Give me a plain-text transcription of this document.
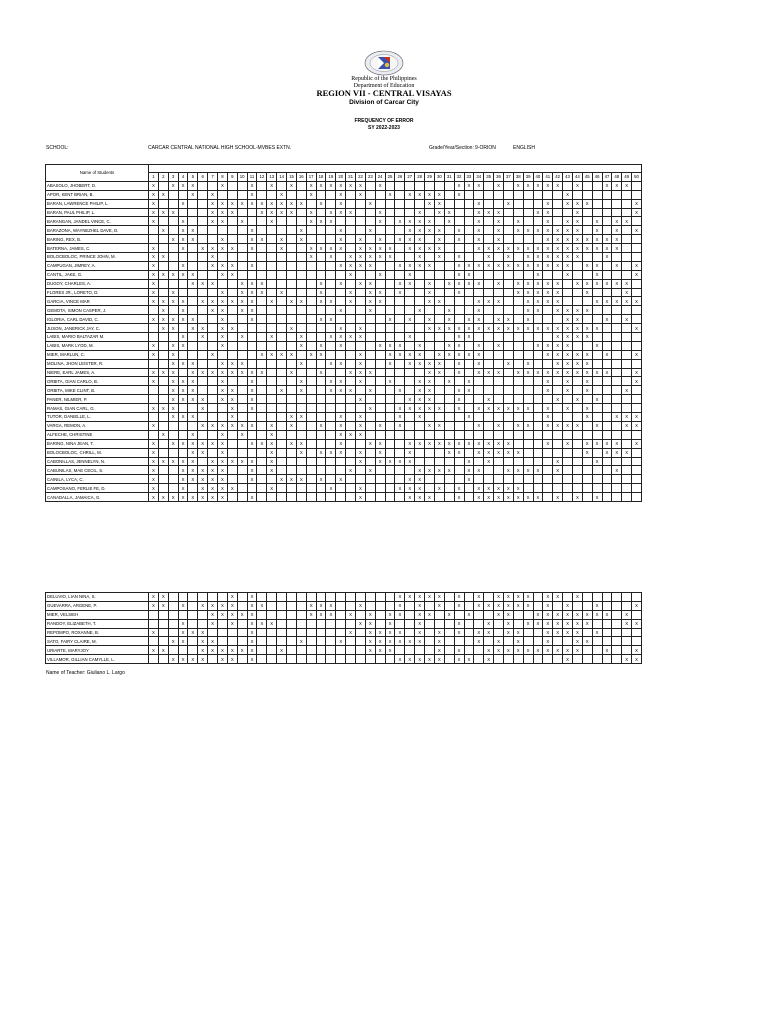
Republic of the Philippines
Department of Education
REGION VII - CENTRAL VISAYAS
Division of Carcar City
FREQUENCY OF ERROR
SY 2022-2023
SCHOOL:	CARCAR CENTRAL NATIONAL HIGH SCHOOL-MVBES EXTN.	Grade/Year/Section: 9-ORION	ENGLISH
Name of Students																																																		
	1	2	3	4	5	6	7	8	9	10	11	12	13	14	15	16	17	18	19	20	21	22	23	24	25	26	27	28	29	30	31	32	33	34	35	36	37	38	39	40	41	42	43	44	45	46	47	48	49	50
ABASOLO, JHOBERT, D.	X		X	X	X			X			X		X		X		X	X	X	X	X	X		X								X	X	X		X		X	X	X	X	X		X			X	X	X	
APOR, KENT BRIAN, B.	X	X			X		X				X			X			X			X		X			X		X	X	X	X		X											X							
BARAN, LAWRENCE PHILIP, L.	X			X			X	X	X	X	X	X	X	X	X	X		X		X			X						X	X				X			X				X		X	X	X					X
BARAN, PAUL PHILIP, L.	X	X	X				X	X	X			X	X	X	X		X		X	X	X			X				X		X	X			X	X	X				X	X			X						X
BARANGAN, JANDEL VINCE, C.	X			X			X	X		X			X				X	X	X					X		X	X	X	X		X			X		X		X			X		X	X		X		X	X	
BARAZONA, WAYNEZHEL DAVE, D.		X		X	X						X					X				X			X				X	X	X	X		X		X		X		X	X	X	X	X	X	X		X		X		X
BARING, REX, B.			X	X	X			X			X	X		X		X				X		X		X		X	X	X		X		X		X		X					X	X	X	X	X	X	X	X		
BATERNA, JAMES, C.	X			X		X	X	X	X		X			X			X	X	X	X		X	X	X	X		X	X	X	X				X	X	X	X	X	X	X	X	X	X	X	X	X	X	X		
BOLOCBOLOC, PRINCE JOHN, M.	X	X					X										X		X		X	X	X	X	X			X		X		X			X		X		X	X	X	X	X	X			X			
CAMPUGAN, JIMREY, A.	X			X			X	X	X		X									X	X	X	X			X	X	X	X			X	X	X	X	X	X	X	X	X	X	X	X		X	X		X		X
CANTIL, JAKE, G.	X	X	X	X	X			X	X												X			X			X					X	X							X			X			X				X
DUGOY, CHARLES, A.	X				X	X	X			X	X	X						X		X		X	X			X	X		X		X	X	X	X		X		X	X	X	X	X		X	X	X	X	X	X	
FLORES JR., LORETO, D.	X		X					X		X	X	X		X				X			X		X	X		X			X			X						X	X	X	X	X			X				X	
GARCIA, VINCE MAR	X	X	X	X		X	X	X	X	X	X		X		X	X		X	X		X		X	X					X	X				X	X	X			X	X	X	X				X	X	X	X	X
GEMOTA, SIMON CASPER, J.		X		X			X	X		X	X									X			X					X			X			X					X	X		X	X	X	X					
IGLORIA, CARL DAVID, C.	X	X	X	X	X			X			X							X	X						X		X		X		X		X	X		X	X		X				X	X			X		X	
JUSON, JANERICK JAY, C.		X	X		X	X		X	X						X					X		X							X	X	X	X	X	X	X	X	X	X	X	X	X	X	X	X	X	X				X
LABIS, MARIO BALTAZAR M.				X		X		X		X			X			X			X	X	X	X					X					X	X									X	X	X	X					
LABIS, MARK LYOD, M.	X		X	X				X								X		X		X				X	X	X		X			X	X		X		X				X	X	X	X			X				
MIER, MARLUN, C.	X		X				X					X	X	X	X		X	X				X			X	X	X	X		X	X	X	X	X							X	X	X	X	X		X			X
MOLINA, JHON LEISTER, R.			X	X	X			X	X	X						X			X	X		X			X		X	X	X	X		X		X			X		X			X	X	X	X					
NIERE, EARL JAMES, A.	X	X	X		X	X	X	X	X	X	X	X			X			X			X	X	X						X	X		X		X	X	X		X	X	X	X	X	X	X	X	X	X			X
ORBITA, GIAN CARLO, B.	X		X	X	X			X			X					X			X	X		X			X			X	X		X		X								X		X		X					X
ORBITA, MIKE CLINT, B.			X	X	X			X	X		X			X		X			X	X	X		X			X		X	X			X	X								X		X		X				X	
PANER, NILMIER, P.			X	X	X	X		X	X		X											X					X	X	X			X			X							X		X		X				
RAMAS, GIAN CARL, G.	X	X	X			X			X		X												X			X	X	X	X	X		X		X	X	X	X	X	X		X		X		X					
TUTOR, DANIELLE, L.			X	X	X				X						X	X				X		X				X		X					X								X				X			X	X	X
VARGA, REMON, A.	X					X	X	X	X	X	X		X		X			X		X		X		X		X			X	X				X		X		X	X		X	X	X	X		X			X	X
ALFECHE, CHRISTINE		X			X			X		X			X							X	X	X																												
BARING, NINA JEAN, T.	X		X	X	X	X	X	X			X	X	X		X	X				X			X	X			X	X	X	X	X	X	X	X	X	X	X				X		X		X	X	X	X		X
BOLOCBOLOC, CHRILL, M.	X				X	X		X					X			X		X	X	X		X		X			X				X	X		X	X	X	X	X							X		X	X	X	
CABONILLAS, JENNELYN, N.	X	X	X	X	X		X	X	X	X	X		X									X		X	X	X	X						X		X							X				X				
CABUNILAS, MAE CECIL, S.	X			X	X	X	X	X			X		X								X		X					X	X	X	X		X	X			X	X	X	X		X						X		
CAINILA, LYCA, C.	X			X	X	X	X	X			X			X	X	X		X		X							X	X					X																	
CAMPOSANO, FERLIE FE, D.	X			X		X	X	X	X				X						X			X				X	X	X		X		X		X	X	X	X	X												
CANADALLA, JAMAICA, G.	X	X	X	X	X	X	X	X			X											X					X	X	X			X		X	X	X	X	X	X	X		X		X		X				
DELUVIO, LIAN NINA, S.	X	X							X		X															X	X	X	X	X		X		X		X	X	X	X		X	X		X						
GUEVARRA, ARGENE, P.	X	X		X		X	X	X	X		X	X					X	X	X			X				X		X		X		X		X	X	X	X	X	X		X		X			X				X
MIER, VELSIEH							X	X	X	X	X						X	X	X		X		X		X	X		X	X		X		X			X	X			X	X	X	X	X	X	X	X		X	
RANDOY, ELIZABETH, T.				X			X		X		X	X	X									X	X		X			X				X			X		X		X	X	X	X	X	X	X				X	X
REPOMPO, ROXANNE, B.	X			X	X	X					X										X		X	X	X	X		X		X		X		X	X		X	X			X	X	X	X		X				
SATO, FAIRY CLAIRE, M.			X	X		X	X				X					X				X			X	X	X	X	X	X		X				X		X		X			X			X	X					
URIARTE, MARYJOY	X	X				X	X	X	X	X	X			X									X	X	X					X		X			X	X	X	X	X	X	X	X	X	X			X			X
VILLAMOR, GILLIAN CAMYLLE, L.			X	X	X	X		X	X		X															X	X	X	X	X		X	X		X								X						X	X
Name of Teacher: Giuliano L. Largo
